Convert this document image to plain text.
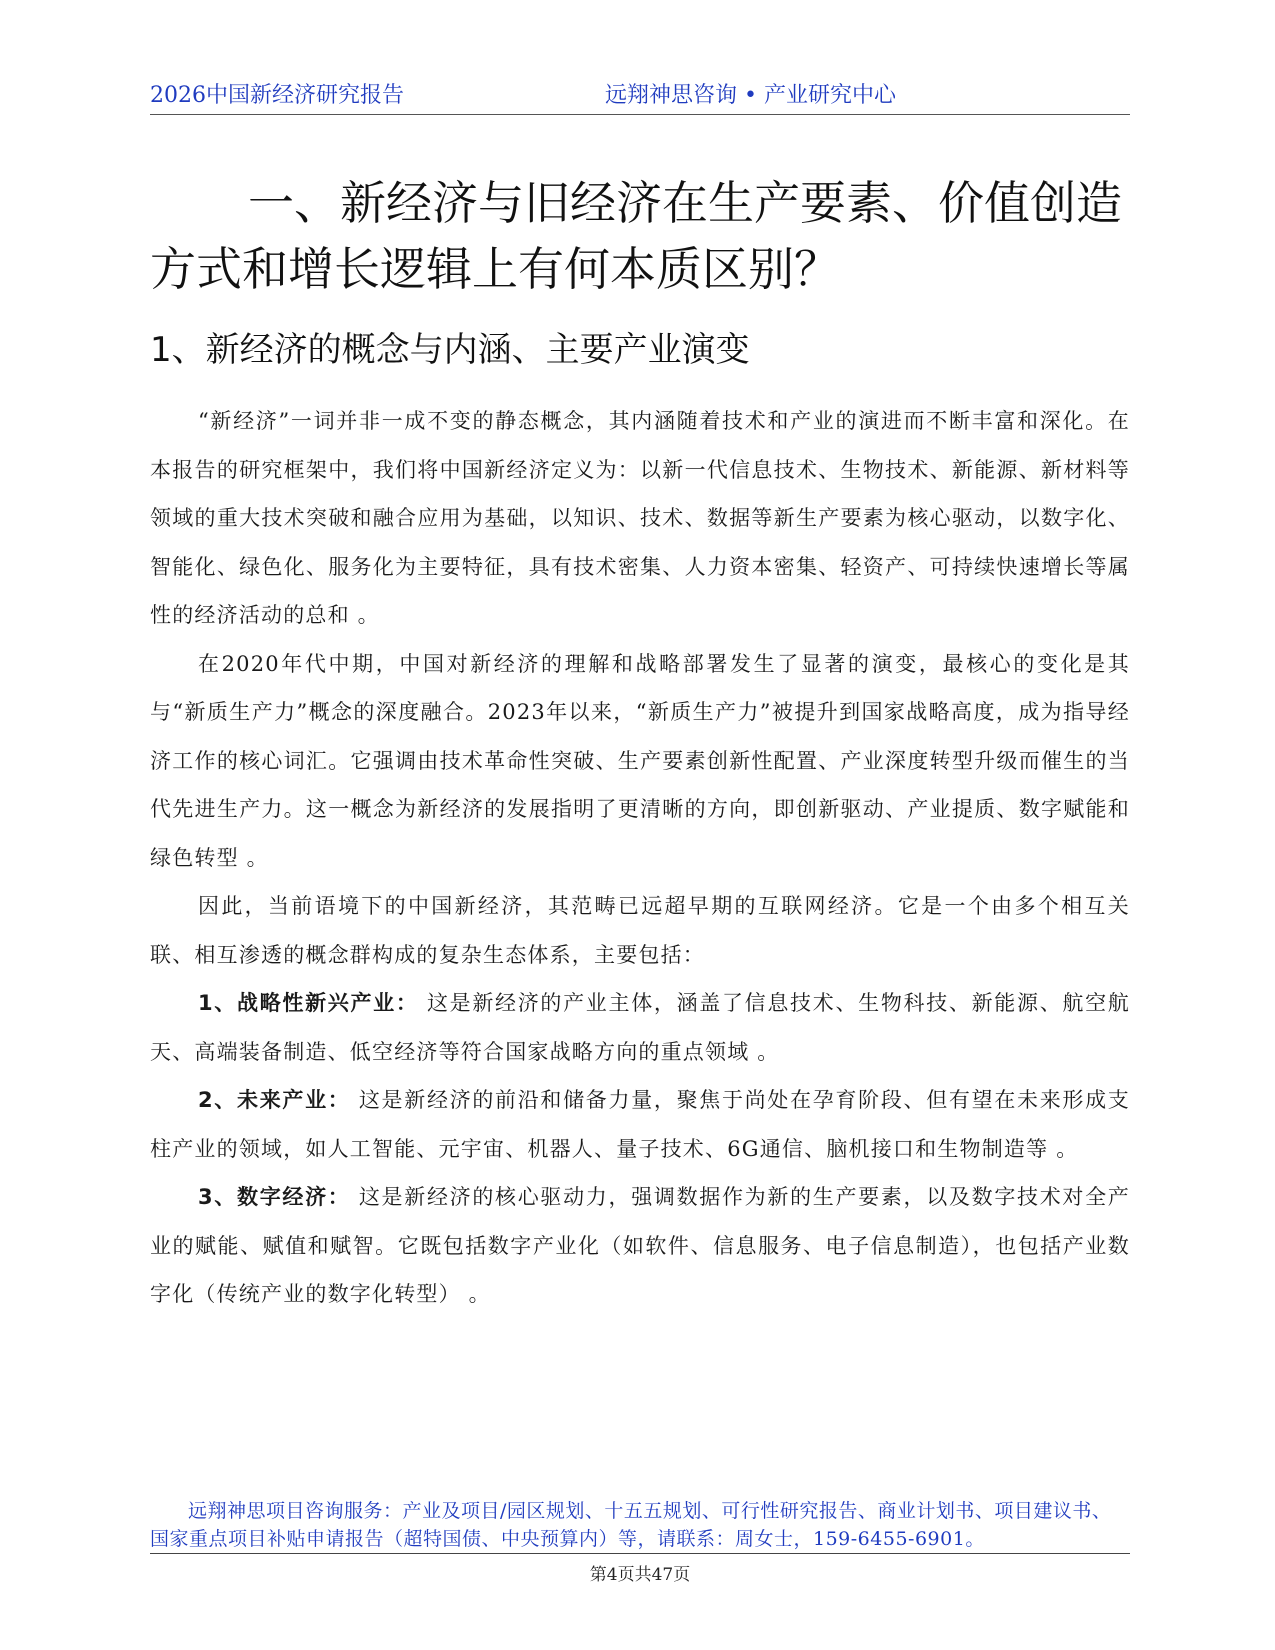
2026中国新经济研究报告	远翔神思咨询 • 产业研究中心
一、新经济与旧经济在生产要素、价值创造方式和增长逻辑上有何本质区别？
1、新经济的概念与内涵、主要产业演变

“新经济”一词并非一成不变的静态概念，其内涵随着技术和产业的演进而不断丰富和深化。在本报告的研究框架中，我们将中国新经济定义为：以新一代信息技术、生物技术、新能源、新材料等领域的重大技术突破和融合应用为基础，以知识、技术、数据等新生产要素为核心驱动，以数字化、智能化、绿色化、服务化为主要特征，具有技术密集、人力资本密集、轻资产、可持续快速增长等属性的经济活动的总和 。

在2020年代中期，中国对新经济的理解和战略部署发生了显著的演变，最核心的变化是其与“新质生产力”概念的深度融合。2023年以来，“新质生产力”被提升到国家战略高度，成为指导经济工作的核心词汇。它强调由技术革命性突破、生产要素创新性配置、产业深度转型升级而催生的当代先进生产力。这一概念为新经济的发展指明了更清晰的方向，即创新驱动、产业提质、数字赋能和绿色转型 。

因此，当前语境下的中国新经济，其范畴已远超早期的互联网经济。它是一个由多个相互关联、相互渗透的概念群构成的复杂生态体系，主要包括：

1、战略性新兴产业： 这是新经济的产业主体，涵盖了信息技术、生物科技、新能源、航空航天、高端装备制造、低空经济等符合国家战略方向的重点领域 。

2、未来产业： 这是新经济的前沿和储备力量，聚焦于尚处在孕育阶段、但有望在未来形成支柱产业的领域，如人工智能、元宇宙、机器人、量子技术、6G通信、脑机接口和生物制造等 。

3、数字经济： 这是新经济的核心驱动力，强调数据作为新的生产要素，以及数字技术对全产业的赋能、赋值和赋智。它既包括数字产业化（如软件、信息服务、电子信息制造），也包括产业数字化（传统产业的数字化转型） 。

远翔神思项目咨询服务：产业及项目/园区规划、十五五规划、可行性研究报告、商业计划书、项目建议书、国家重点项目补贴申请报告（超特国债、中央预算内）等，请联系：周女士，159-6455-6901。
第4页共47页
